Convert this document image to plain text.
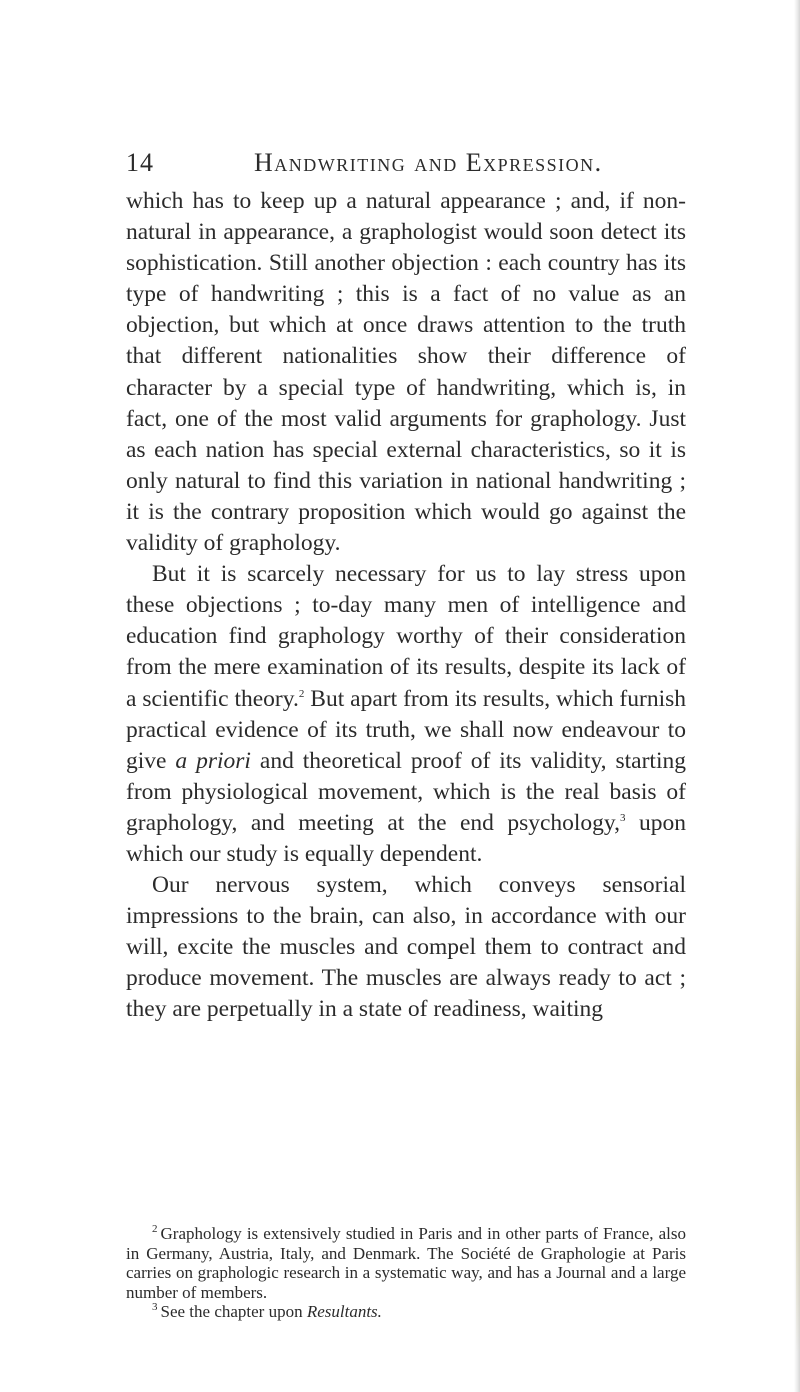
14	Handwriting and Expression.

which has to keep up a natural appearance ; and, if non-natural in appearance, a graphologist would soon detect its sophistication. Still another objection : each country has its type of handwriting ; this is a fact of no value as an objection, but which at once draws attention to the truth that different nationalities show their difference of character by a special type of handwriting, which is, in fact, one of the most valid arguments for graphology. Just as each nation has special external characteristics, so it is only natural to find this variation in national handwriting ; it is the contrary proposition which would go against the validity of graphology.

But it is scarcely necessary for us to lay stress upon these objections ; to-day many men of intelligence and education find graphology worthy of their consideration from the mere examination of its results, despite its lack of a scientific theory.$^2$ But apart from its results, which furnish practical evidence of its truth, we shall now endeavour to give a priori and theoretical proof of its validity, starting from physiological movement, which is the real basis of graphology, and meeting at the end psychology,$^3$ upon which our study is equally dependent.

Our nervous system, which conveys sensorial impressions to the brain, can also, in accordance with our will, excite the muscles and compel them to contract and produce movement. The muscles are always ready to act ; they are perpetually in a state of readiness, waiting

$^2$ Graphology is extensively studied in Paris and in other parts of France, also in Germany, Austria, Italy, and Denmark. The Société de Graphologie at Paris carries on graphologic research in a systematic way, and has a Journal and a large number of members.

$^3$ See the chapter upon Resultants.
